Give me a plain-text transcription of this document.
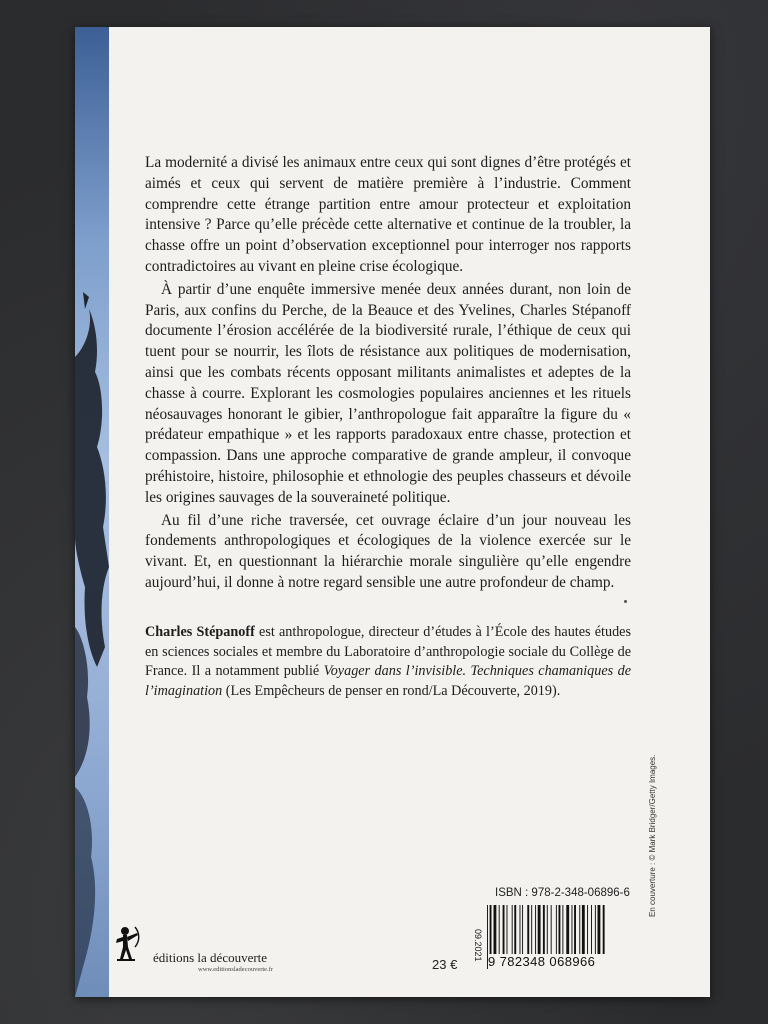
La modernité a divisé les animaux entre ceux qui sont dignes d’être protégés et aimés et ceux qui servent de matière première à l’industrie. Comment comprendre cette étrange partition entre amour protecteur et exploitation intensive ? Parce qu’elle précède cette alternative et continue de la troubler, la chasse offre un point d’observation exceptionnel pour interroger nos rapports contradictoires au vivant en pleine crise écologique.

À partir d’une enquête immersive menée deux années durant, non loin de Paris, aux confins du Perche, de la Beauce et des Yvelines, Charles Stépanoff documente l’érosion accélérée de la biodiversité rurale, l’éthique de ceux qui tuent pour se nourrir, les îlots de résistance aux politiques de modernisation, ainsi que les combats récents opposant militants animalistes et adeptes de la chasse à courre. Explorant les cosmologies populaires anciennes et les rituels néosauvages honorant le gibier, l’anthropologue fait apparaître la figure du « prédateur empathique » et les rapports paradoxaux entre chasse, protection et compassion. Dans une approche comparative de grande ampleur, il convoque préhistoire, histoire, philosophie et ethnologie des peuples chasseurs et dévoile les origines sauvages de la souveraineté politique.

Au fil d’une riche traversée, cet ouvrage éclaire d’un jour nouveau les fondements anthropologiques et écologiques de la violence exercée sur le vivant. Et, en questionnant la hiérarchie morale singulière qu’elle engendre aujourd’hui, il donne à notre regard sensible une autre profondeur de champ.

Charles Stépanoff est anthropologue, directeur d’études à l’École des hautes études en sciences sociales et membre du Laboratoire d’anthropologie sociale du Collège de France. Il a notamment publié Voyager dans l’invisible. Techniques chamaniques de l’imagination (Les Empêcheurs de penser en rond/La Découverte, 2019).
En couverture : © Mark Bridger/Getty Images.
éditions la découverte
www.editionsladecouverte.fr
ISBN : 978-2-348-06896-6
09.2021
23 € 9 782348 068966
